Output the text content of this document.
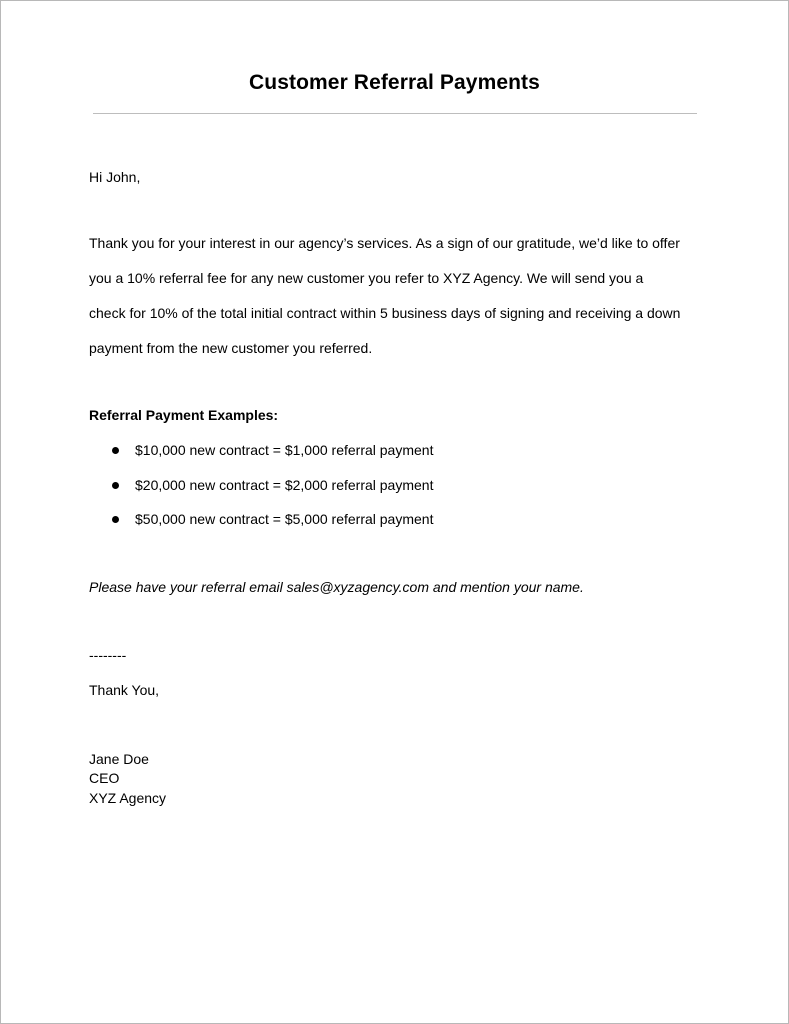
Customer Referral Payments
Hi John,
Thank you for your interest in our agency’s services. As a sign of our gratitude, we’d like to offer
you a 10% referral fee for any new customer you refer to XYZ Agency. We will send you a
check for 10% of the total initial contract within 5 business days of signing and receiving a down
payment from the new customer you referred.
Referral Payment Examples:
$10,000 new contract = $1,000 referral payment
$20,000 new contract = $2,000 referral payment
$50,000 new contract = $5,000 referral payment
Please have your referral email sales@xyzagency.com and mention your name.
--------
Thank You,
Jane Doe
CEO
XYZ Agency
